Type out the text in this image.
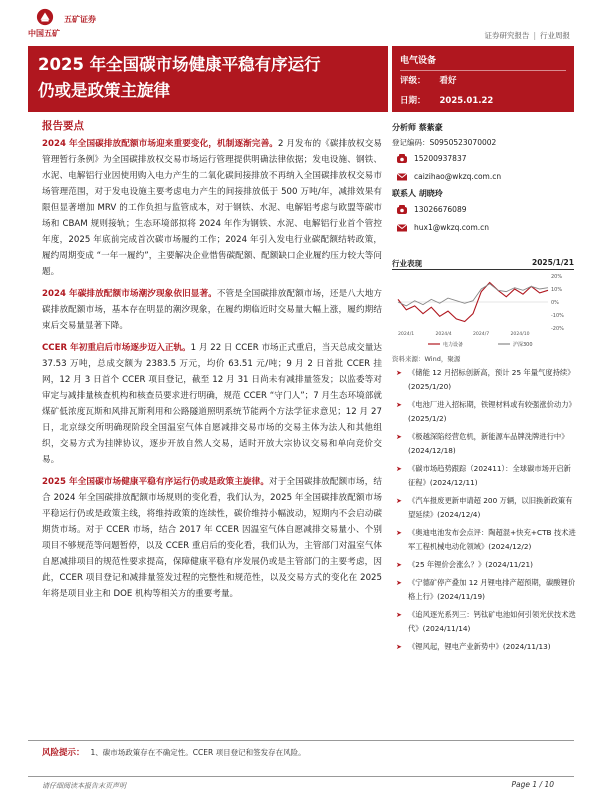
中国五矿
五矿证券
证券研究报告 | 行业周报
2025 年全国碳市场健康平稳有序运行
仍或是政策主旋律
电气设备
评级： 看好
日期： 2025.01.22
报告要点

2024 年全国碳排放配额市场迎来重要变化，机制逐渐完善。2 月发布的《碳排放权交易管理暂行条例》为全国碳排放权交易市场运行管理提供明确法律依据；发电设施、钢铁、水泥、电解铝行业因使用购入电力产生的二氧化碳间接排放不再纳入全国碳排放权交易市场管理范围，对于发电设施主要考虑电力产生的间接排放低于 500 万吨/年，减排效果有限但显著增加 MRV 的工作负担与监管成本，对于钢铁、水泥、电解铝考虑与欧盟等碳市场和 CBAM 规则接轨；生态环境部拟将 2024 年作为钢铁、水泥、电解铝行业首个管控年度，2025 年底前完成首次碳市场履约工作；2024 年引入发电行业碳配额结转政策，履约周期变成 “一年一履约”，主要解决企业惜售碳配额、配额缺口企业履约压力较大等问题。

2024 年碳排放配额市场潮汐现象依旧显著。不管是全国碳排放配额市场，还是八大地方碳排放配额市场，基本存在明显的潮汐现象，在履约期临近时交易量大幅上涨，履约期结束后交易量显著下降。

CCER 年初重启后市场逐步迈入正轨。1 月 22 日 CCER 市场正式重启，当天总成交量达 37.53 万吨，总成交额为 2383.5 万元，均价 63.51 元/吨；9 月 2 日首批 CCER 挂网，12 月 3 日首个 CCER 项目登记，截至 12 月 31 日尚未有减排量签发；以监委等对审定与减排量核查机构和核查员要求进行明确，规范 CCER “守门人”；7 月生态环境部就煤矿低浓度瓦斯和风排瓦斯利用和公路隧道照明系统节能两个方法学征求意见；12 月 27 日，北京绿交所明确现阶段全国温室气体自愿减排交易市场的交易主体为法人和其他组织，交易方式为挂牌协议，逐步开放自然人交易，适时开放大宗协议交易和单向竞价交易。

2025 年全国碳市场健康平稳有序运行仍或是政策主旋律。对于全国碳排放配额市场，结合 2024 年全国碳排放配额市场规则的变化看，我们认为，2025 年全国碳排放配额市场平稳运行仍或是政策主线，将维持政策的连续性，碳价维持小幅波动，短期内不会启动碳期货市场。对于 CCER 市场，结合 2017 年 CCER 因温室气体自愿减排交易量小、个别项目不够规范等问题暂停，以及 CCER 重启后的变化看，我们认为，主管部门对温室气体自愿减排项目的规范性要求提高，保障健康平稳有序发展仍或是主管部门的主要考虑，因此，CCER 项目登记和减排量签发过程的完整性和规范性，以及交易方式的变化在 2025 年将是项目业主和 DOE 机构等相关方的重要考量。

分析师 蔡紫豪
登记编码：S0950523070002
15200937837
caizihao@wkzq.com.cn
联系人 胡晓玲
13026676089
hux1@wkzq.com.cn
行业表现	2025/1/21
20%
10%
0%
-10%
-20%
2024/1	2024/4	2024/7	2024/10
电力设备	沪深300
资料来源：Wind，聚源
➤ 《储能 12 月招标创新高，预计 25 年量气度持续》(2025/1/20)
➤ 《电池厂进入招标期，铁锂材料或有较强涨价动力》(2025/1/2)
➤ 《极越深陷经营危机，新能源车品牌洗牌进行中》(2024/12/18)
➤ 《碳市场趋势跟踪（202411）：全球碳市场开启新征程》(2024/12/11)
➤ 《汽车报废更新申请超 200 万辆，以旧换新政策有望延续》(2024/12/4)
➤ 《奥迪电池发布会点评：陶超混+快充+CTB 技术进军工程机械电动化领域》(2024/12/2)
➤ 《25 年锂价会涨么？》(2024/11/21)
➤ 《宁德矿停产叠加 12 月锂电排产超预期，碳酸锂价格上行》(2024/11/19)
➤ 《追风逐光系列三：钙钛矿电池如何引领光伏技术迭代》(2024/11/14)
➤ 《锂风起，锂电产业新势中》(2024/11/13)
风险提示： 1、碳市场政策存在不确定性。CCER 项目登记和签发存在风险。
请仔细阅读本报告末页声明	Page 1 / 10
